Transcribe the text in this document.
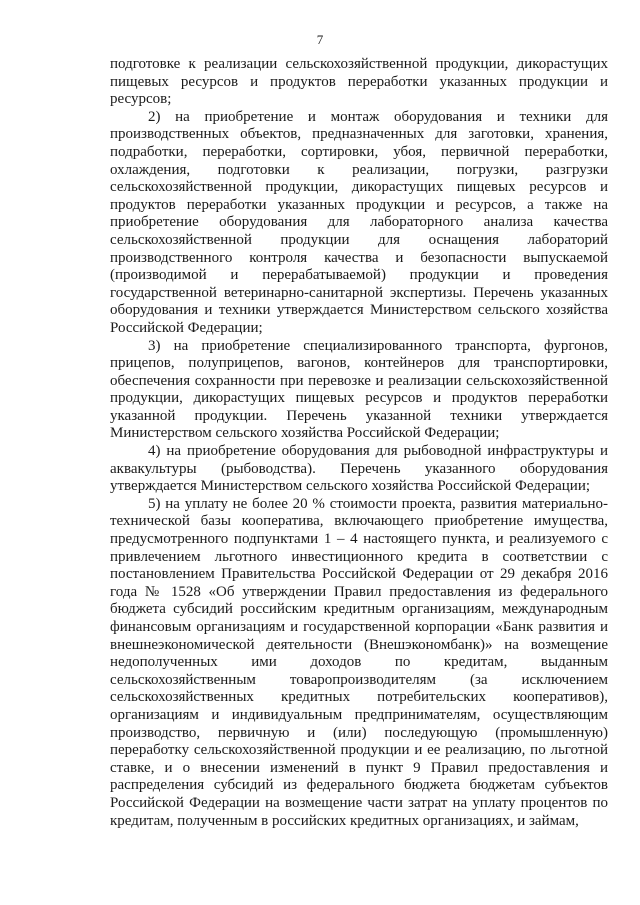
7

подготовке к реализации сельскохозяйственной продукции, дикорастущих пищевых ресурсов и продуктов переработки указанных продукции и ресурсов;

2) на приобретение и монтаж оборудования и техники для производственных объектов, предназначенных для заготовки, хранения, подработки, переработки, сортировки, убоя, первичной переработки, охлаждения, подготовки к реализации, погрузки, разгрузки сельскохозяйственной продукции, дикорастущих пищевых ресурсов и продуктов переработки указанных продукции и ресурсов, а также на приобретение оборудования для лабораторного анализа качества сельскохозяйственной продукции для оснащения лабораторий производственного контроля качества и безопасности выпускаемой (производимой и перерабатываемой) продукции и проведения государственной ветеринарно-санитарной экспертизы. Перечень указанных оборудования и техники утверждается Министерством сельского хозяйства Российской Федерации;

3) на приобретение специализированного транспорта, фургонов, прицепов, полуприцепов, вагонов, контейнеров для транспортировки, обеспечения сохранности при перевозке и реализации сельскохозяйственной продукции, дикорастущих пищевых ресурсов и продуктов переработки указанной продукции. Перечень указанной техники утверждается Министерством сельского хозяйства Российской Федерации;

4) на приобретение оборудования для рыбоводной инфраструктуры и аквакультуры (рыбоводства). Перечень указанного оборудования утверждается Министерством сельского хозяйства Российской Федерации;

5) на уплату не более 20 % стоимости проекта, развития материально-технической базы кооператива, включающего приобретение имущества, предусмотренного подпунктами 1 – 4 настоящего пункта, и реализуемого с привлечением льготного инвестиционного кредита в соответствии с постановлением Правительства Российской Федерации от 29 декабря 2016 года № 1528 «Об утверждении Правил предоставления из федерального бюджета субсидий российским кредитным организациям, международным финансовым организациям и государственной корпорации «Банк развития и внешнеэкономической деятельности (Внешэкономбанк)» на возмещение недополученных ими доходов по кредитам, выданным сельскохозяйственным товаропроизводителям (за исключением сельскохозяйственных кредитных потребительских кооперативов), организациям и индивидуальным предпринимателям, осуществляющим производство, первичную и (или) последующую (промышленную) переработку сельскохозяйственной продукции и ее реализацию, по льготной ставке, и о внесении изменений в пункт 9 Правил предоставления и распределения субсидий из федерального бюджета бюджетам субъектов Российской Федерации на возмещение части затрат на уплату процентов по кредитам, полученным в российских кредитных организациях, и займам,
